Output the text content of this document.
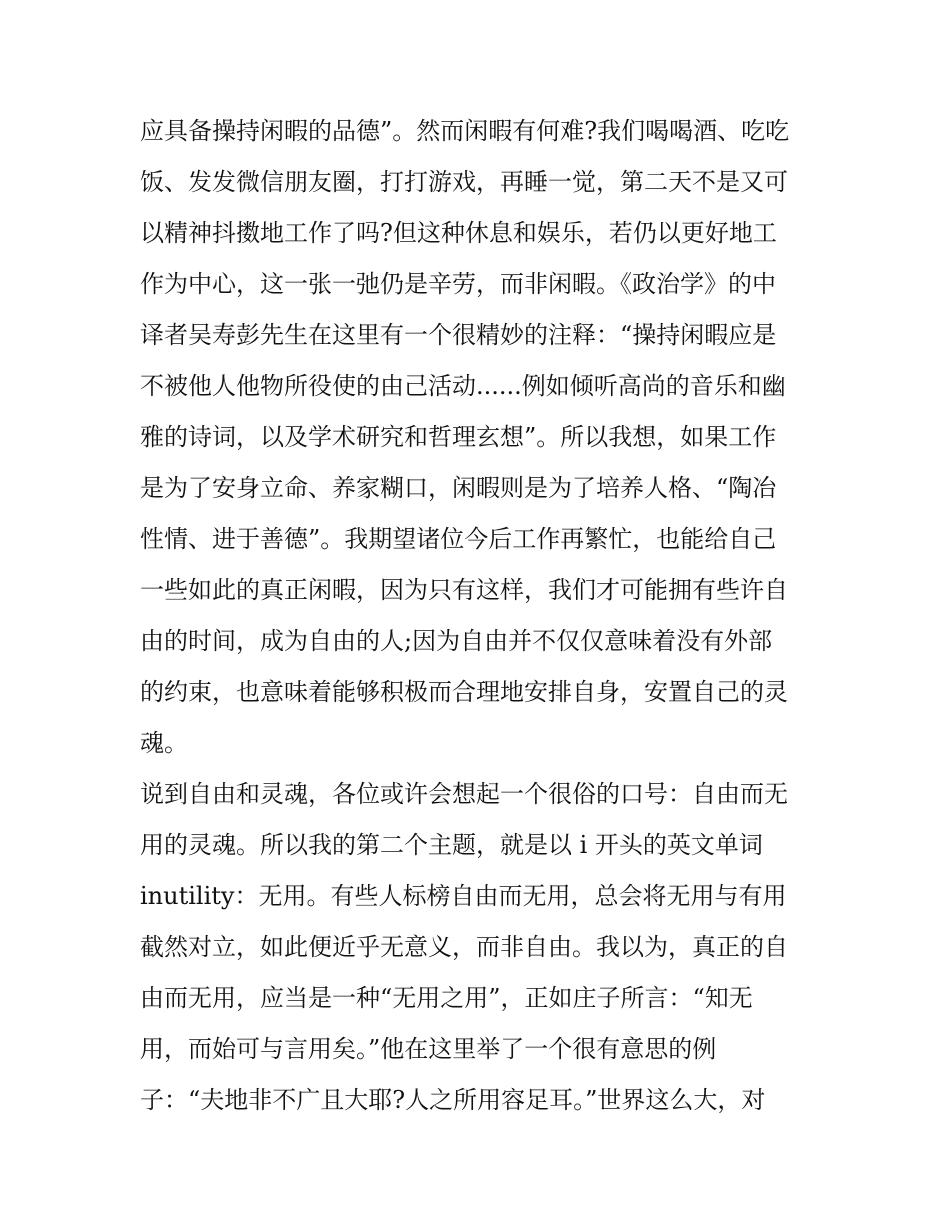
应具备操持闲暇的品德”。然而闲暇有何难?我们喝喝酒、吃吃
饭、发发微信朋友圈，打打游戏，再睡一觉，第二天不是又可
以精神抖擞地工作了吗?但这种休息和娱乐，若仍以更好地工
作为中心，这一张一弛仍是辛劳，而非闲暇。《政治学》的中
译者吴寿彭先生在这里有一个很精妙的注释：“操持闲暇应是
不被他人他物所役使的由己活动......例如倾听高尚的音乐和幽
雅的诗词，以及学术研究和哲理玄想”。所以我想，如果工作
是为了安身立命、养家糊口，闲暇则是为了培养人格、“陶冶
性情、进于善德”。我期望诸位今后工作再繁忙，也能给自己
一些如此的真正闲暇，因为只有这样，我们才可能拥有些许自
由的时间，成为自由的人;因为自由并不仅仅意味着没有外部
的约束，也意味着能够积极而合理地安排自身，安置自己的灵
魂。
说到自由和灵魂，各位或许会想起一个很俗的口号：自由而无
用的灵魂。所以我的第二个主题，就是以 i 开头的英文单词
inutility：无用。有些人标榜自由而无用，总会将无用与有用
截然对立，如此便近乎无意义，而非自由。我以为，真正的自
由而无用，应当是一种“无用之用”，正如庄子所言：“知无
用，而始可与言用矣。”他在这里举了一个很有意思的例
子：“夫地非不广且大耶?人之所用容足耳。”世界这么大，对
